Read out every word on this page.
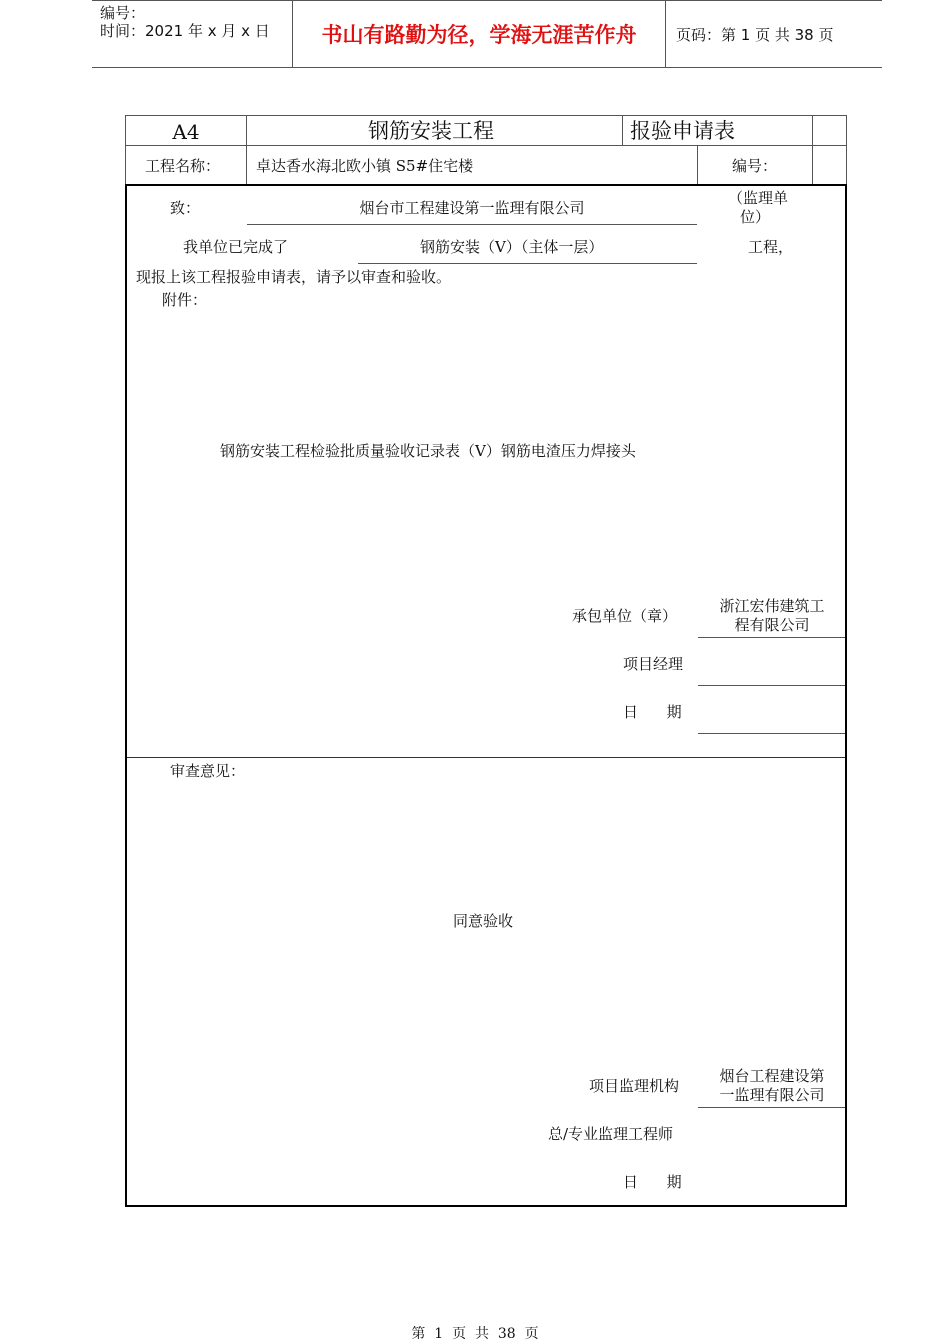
编号：
时间：2021 年 x 月 x 日	书山有路勤为径，学海无涯苦作舟	页码：第 1 页 共 38 页
A4	钢筋安装工程	报验申请表
工程名称： 卓达香水海北欧小镇 S5#住宅楼	编号：
致：	烟台市工程建设第一监理有限公司
（监理单
位）
我单位已完成了	钢筋安装（Ⅴ）（主体一层）	工程，
现报上该工程报验申请表，请予以审查和验收。
附件：
钢筋安装工程检验批质量验收记录表（Ⅴ）钢筋电渣压力焊接头
承包单位（章）
浙江宏伟建筑工
程有限公司
项目经理
日      期
审查意见：
同意验收
项目监理机构
烟台工程建设第
一监理有限公司
总/专业监理工程师
日      期
第  1  页  共  38  页
